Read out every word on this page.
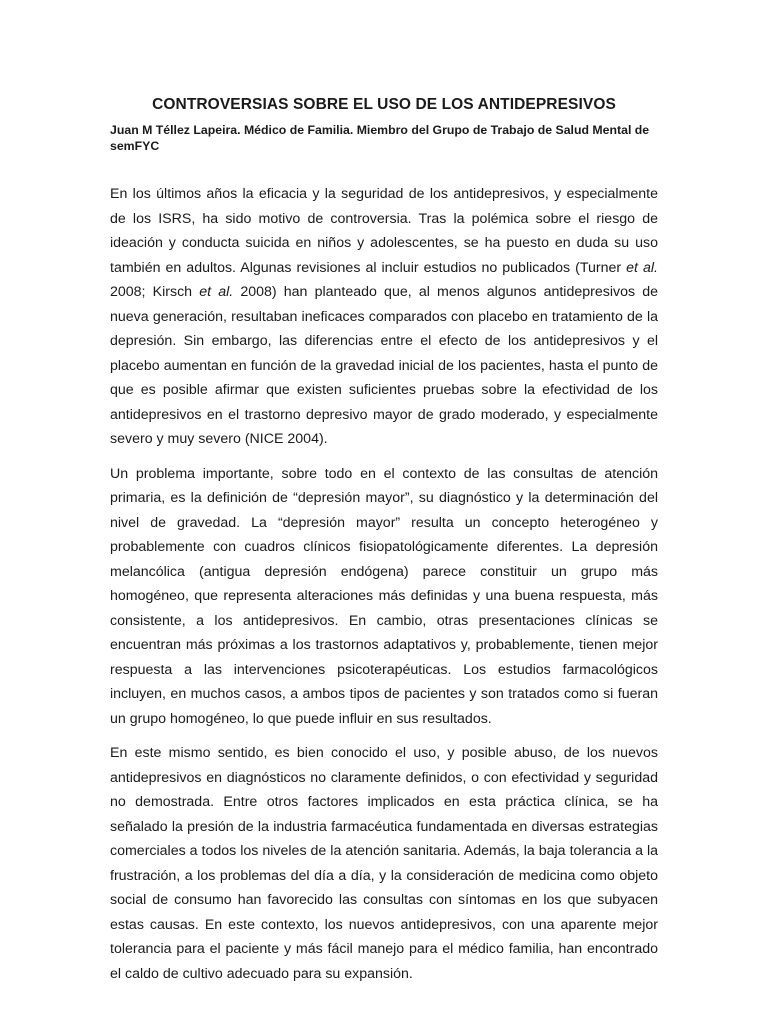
CONTROVERSIAS SOBRE EL USO DE LOS ANTIDEPRESIVOS
Juan M Téllez Lapeira. Médico de Familia. Miembro del Grupo de Trabajo de Salud Mental de semFYC

En los últimos años la eficacia y la seguridad de los antidepresivos, y especialmente de los ISRS, ha sido motivo de controversia. Tras la polémica sobre el riesgo de ideación y conducta suicida en niños y adolescentes, se ha puesto en duda su uso también en adultos. Algunas revisiones al incluir estudios no publicados (Turner et al. 2008; Kirsch et al. 2008) han planteado que, al menos algunos antidepresivos de nueva generación, resultaban ineficaces comparados con placebo en tratamiento de la depresión. Sin embargo, las diferencias entre el efecto de los antidepresivos y el placebo aumentan en función de la gravedad inicial de los pacientes, hasta el punto de que es posible afirmar que existen suficientes pruebas sobre la efectividad de los antidepresivos en el trastorno depresivo mayor de grado moderado, y especialmente severo y muy severo (NICE 2004).

Un problema importante, sobre todo en el contexto de las consultas de atención primaria, es la definición de “depresión mayor”, su diagnóstico y la determinación del nivel de gravedad. La “depresión mayor” resulta un concepto heterogéneo y probablemente con cuadros clínicos fisiopatológicamente diferentes. La depresión melancólica (antigua depresión endógena) parece constituir un grupo más homogéneo, que representa alteraciones más definidas y una buena respuesta, más consistente, a los antidepresivos. En cambio, otras presentaciones clínicas se encuentran más próximas a los trastornos adaptativos y, probablemente, tienen mejor respuesta a las intervenciones psicoterapéuticas. Los estudios farmacológicos incluyen, en muchos casos, a ambos tipos de pacientes y son tratados como si fueran un grupo homogéneo, lo que puede influir en sus resultados.

En este mismo sentido, es bien conocido el uso, y posible abuso, de los nuevos antidepresivos en diagnósticos no claramente definidos, o con efectividad y seguridad no demostrada. Entre otros factores implicados en esta práctica clínica, se ha señalado la presión de la industria farmacéutica fundamentada en diversas estrategias comerciales a todos los niveles de la atención sanitaria. Además, la baja tolerancia a la frustración, a los problemas del día a día, y la consideración de medicina como objeto social de consumo han favorecido las consultas con síntomas en los que subyacen estas causas. En este contexto, los nuevos antidepresivos, con una aparente mejor tolerancia para el paciente y más fácil manejo para el médico familia, han encontrado el caldo de cultivo adecuado para su expansión.
